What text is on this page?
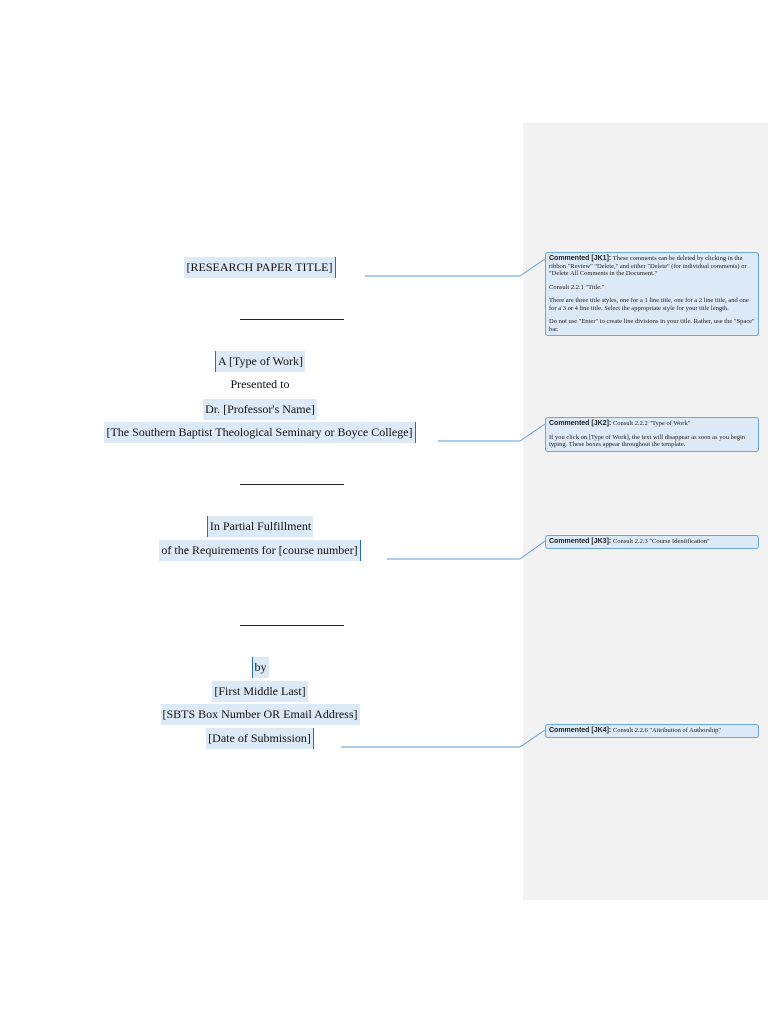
[RESEARCH PAPER TITLE]
A [Type of Work]
Presented to
Dr. [Professor's Name]
[The Southern Baptist Theological Seminary or Boyce College]
In Partial Fulfillment
of the Requirements for [course number]
by
[First Middle Last]
[SBTS Box Number OR Email Address]
[Date of Submission]

Commented [JK1]: These comments can be deleted by clicking in the ribbon "Review" "Delete," and either "Delete" (for individual comments) or "Delete All Comments in the Document."

Consult 2.2.1 "Title."

There are three title styles, one for a 1 line title, one for a 2 line title, and one for a 3 or 4 line title. Select the appropriate style for your title length.

Do not use "Enter" to create line divisions in your title. Rather, use the "Space" bar.

Commented [JK2]: Consult 2.2.2 "Type of Work"

If you click on [Type of Work], the text will disappear as soon as you begin typing. These boxes appear throughout the template.

Commented [JK3]: Consult 2.2.3 "Course Identification"

Commented [JK4]: Consult 2.2.6 "Attribution of Authorship"
